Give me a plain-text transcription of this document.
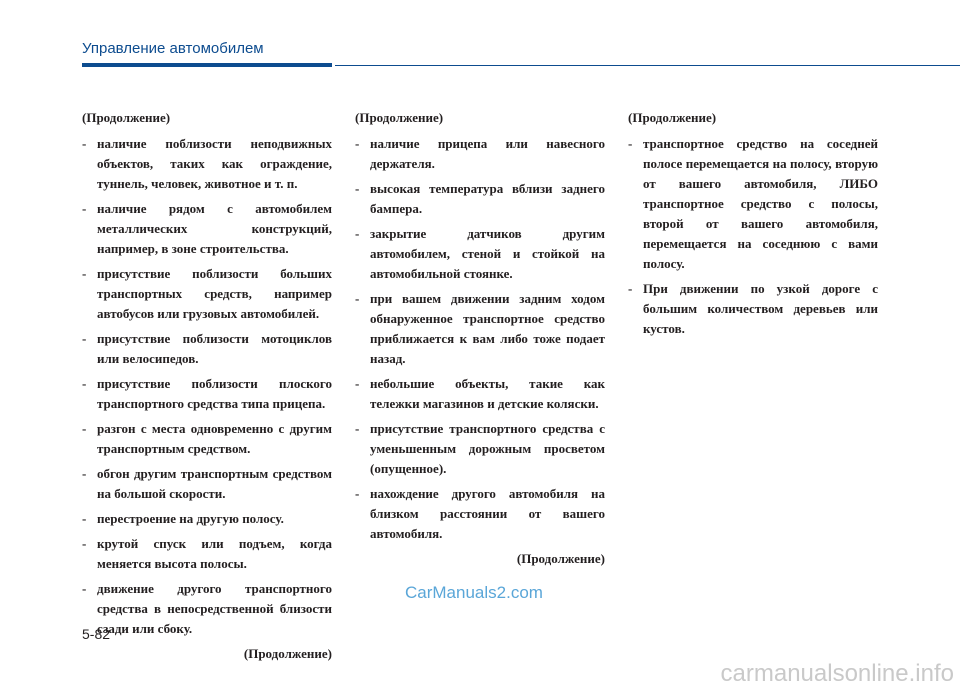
Управление автомобилем

(Продолжение)

- наличие поблизости неподвижных объектов, таких как ограждение, туннель, человек, животное и т. п.
- наличие рядом с автомобилем металлических конструкций, например, в зоне строительства.
- присутствие поблизости больших транспортных средств, например автобусов или грузовых автомобилей.
- присутствие поблизости мотоциклов или велосипедов.
- присутствие поблизости плоского транспортного средства типа прицепа.
- разгон с места одновременно с другим транспортным средством.
- обгон другим транспортным средством на большой скорости.
- перестроение на другую полосу.
- крутой спуск или подъем, когда меняется высота полосы.
- движение другого транспортного средства в непосредственной близости сзади или сбоку.
(Продолжение)

(Продолжение)

- наличие прицепа или навесного держателя.
- высокая температура вблизи заднего бампера.
- закрытие датчиков другим автомобилем, стеной и стойкой на автомобильной стоянке.
- при вашем движении задним ходом обнаруженное транспортное средство приближается к вам либо тоже подает назад.
- небольшие объекты, такие как тележки магазинов и детские коляски.
- присутствие транспортного средства с уменьшенным дорожным просветом (опущенное).
- нахождение другого автомобиля на близком расстоянии от вашего автомобиля.
(Продолжение)

(Продолжение)

- транспортное средство на соседней полосе перемещается на полосу, вторую от вашего автомобиля, ЛИБО транспортное средство с полосы, второй от вашего автомобиля, перемещается на соседнюю с вами полосу.
- При движении по узкой дороге с большим количеством деревьев или кустов.
5-82
CarManuals2.com
carmanualsonline.info
